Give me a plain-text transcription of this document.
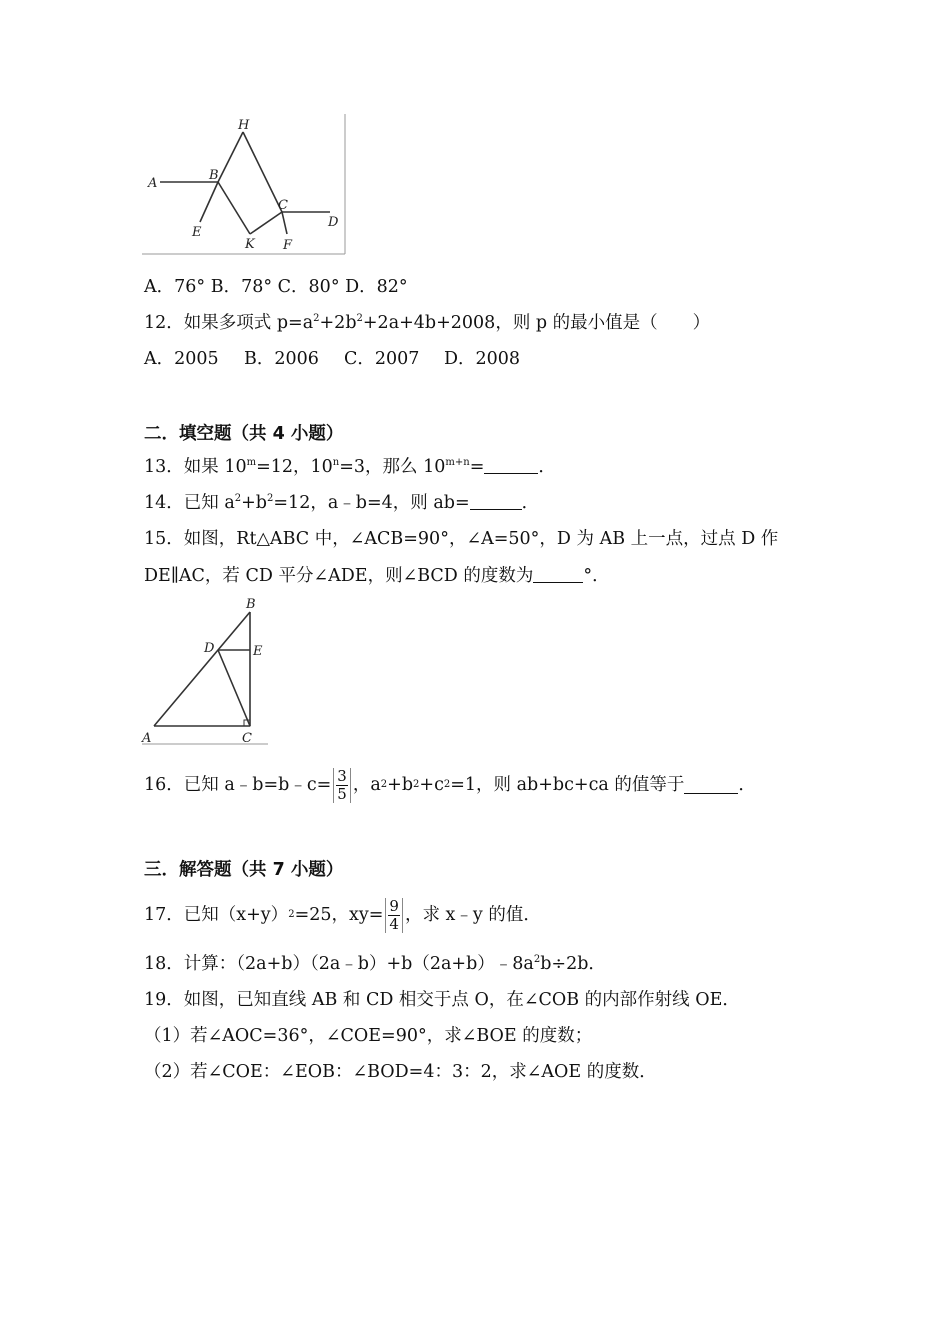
A
B
H
C
D
E
K F
A．76° B．78° C．80° D．82°
12．如果多项式 $p=a^2+2b^2+2a+4b+2008$，则 p 的最小值是（　　）
A．2005 B．2006 C．2007 D．2008
二．填空题（共 4 小题）
13．如果 $10^m=12$，$10^n=3$，那么 $10^{m+n}=$	．
14．已知 $a^2+b^2=12$，a﹣b=4，则 ab=	．
15．如图，Rt△ABC 中，∠ACB=90°，∠A=50°，D 为 AB 上一点，过点 D 作
DE∥AC，若 CD 平分∠ADE，则∠BCD 的度数为	°．
A
B
C
D	E
16．已知 a﹣b=b﹣c= $\frac{3}{5}$ ，a 2 +b 2 +c 2 =1，则 ab+bc+ca 的值等于	．
三．解答题（共 7 小题）
17．已知（x+y） 2 =25，$xy= \frac{9}{4}$ ，求 x﹣y 的值．
18．计算：$(2a+b)(2a﹣b)+b(2a+b)﹣8a^2b\div 2b$．
19．如图，已知直线 AB 和 CD 相交于点 O，在∠COB 的内部作射线 OE．
（1）若∠AOC=36°，∠COE=90°，求∠BOE 的度数；
（2）若∠COE：∠EOB：∠BOD=4：3：2，求∠AOE 的度数．
